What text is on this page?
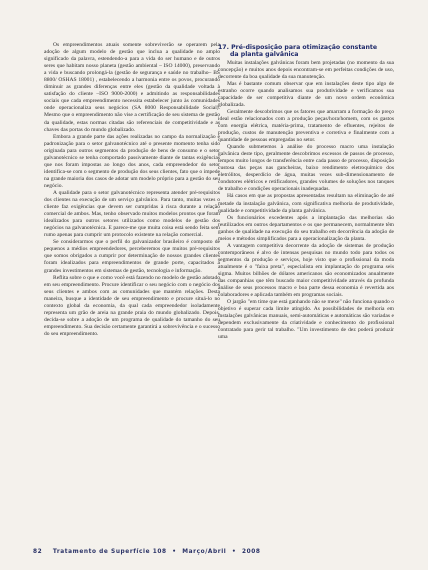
Os empreendimentos atuais somente sobreviverão se operarem pela adoção de algum modelo de gestão que inclua a qualidade no amplo significado da palavra, estendendo-a para a vida do ser humano e de outros seres que habitam nosso planeta (gestão ambiental – ISO 14000), preservando a vida e buscando prolongá-la (gestão de segurança e saúde no trabalho– BS 8800/ OSHAS 18001) , estabelecendo a harmonia entre os povos, procurando diminuir as grandes diferenças entre eles (gestão da qualidade voltada à satisfação do cliente –ISO 9000-2000) e admitindo as responsabilidades sociais que cada empreendimento necessita estabelecer junto às comunidades onde operacionaliza seus negócios (SA 8000 Responsabilidade Social). Mesmo que o empreendimento não vise a certificação de seu sistema de gestão da qualidade, estas normas citadas são referenciais de competitividade e as chaves das portas do mundo globalizado.

Embora a grande parte das ações realizadas no campo da normalização e padronização para o setor galvanotécnico até o presente momento tenha sido originada para outros segmentos da produção de bens de consumo e o setor galvanotécnico se tenha comportado passivamente diante de tantas exigências que nos foram impostas ao longo dos anos, cada empreendedor do setor identifica-se com o segmento de produção dos seus clientes, fato que o impede na grande maioria dos casos de adotar um modelo próprio para a gestão do seu negócio.

A qualidade para o setor galvanotécnico representa atender pré-requisitos dos clientes na execução de um serviço galvânico. Para tanto, muitas vezes o cliente faz exigências que devem ser cumpridas à risca durante a relação comercial de ambos. Mas, tenho observado muitos modelos prontos que foram idealizados para outros setores utilizados como modelos de gestão dos negócios na galvanotécnica. E parece-me que muita coisa está sendo feita sem rumo apenas para cumprir um protocolo existente na relação comercial.

Se considerarmos que o perfil do galvanizador brasileiro é composto de pequenos a médios empreendedores, perceberemos que muitos pré-requisitos que somos obrigados a cumprir por determinação de nossos grandes clientes foram idealizados para empreendimentos de grande porte, capacitados a grandes investimentos em sistemas de gestão, tecnologia e informação.

Reflita sobre o que e como você está fazendo no modelo de gestão adotado em seu empreendimento. Procure identificar o seu negócio com o negócio dos seus clientes e ambos com as comunidades que mantém relações. Desta maneira, busque a identidade de seu empreendimento e procure situá-lo no contexto global da economia, da qual cada empreendedor isoladamente representa um grão de areia na grande praia do mundo globalizado. Depois, decida-se sobre a adoção de um programa de qualidade do tamanho do seu empreendimento. Sua decisão certamente garantirá a sobrevivência e o sucesso do seu empreendimento.

17. Pré-disposição para otimização constante
da planta galvânica

Muitas instalações galvânicas foram bem projetadas (no momento da sua concepção) e muitos anos depois encontram-se em perfeitas condições de uso, decorrente da boa qualidade da sua manutenção.

Mas é bastante comum observar que em instalações deste tipo algo de estranho ocorre quando analisamos sua produtividade e verificamos sua capacidade de ser competitiva diante de um novo ordem econômica globalizada.

Geralmente descobrimos que os fatores que amarram a formação do preço ideal estão relacionados com a produção peças/hora/homem, com os gastos com energia elétrica, matéria-prima, tratamento de efluentes, rejeitos de produção, custos de manutenção preventiva e corretiva e finalmente com a quantidade de pessoas empregadas no setor.

Quando submetemos à análise do processo macro uma instalação galvânica deste tipo, geralmente descobrimos excessos de passos de processo, tempos muito longos de transferência entre cada passo de processo, disposição custosa das peças nas gancheiras, baixo rendimento eletroquímico dos eletrólitos, desperdício de água, muitas vezes sub-dimensionamento de condutores elétricos e retificadores, grandes volumes de soluções nos tanques de trabalho e condições operacionais inadequadas.

Há casos em que as propostas apresentadas resultam na eliminação de até metade da instalação galvânica, com significativa melhoria de produtividade, qualidade e competitividade da planta galvânica.

Os funcionários excedentes após a implantação das melhorias são reutilizados em outros departamentos e os que permanecem, normalmente têm ganhos de qualidade na execução do seu trabalho em decorrência da adoção de meios e métodos simplificados para a operacionalização da planta.

A vantagem competitiva decorrente da adoção de sistemas de produção contemporâneos é alvo de intensas pesquisas no mundo todo para todos os segmentos da produção e serviços, hoje visto que o profissional da moda atualmente é o "faixa preta", especialista em implantação do programa seis sigma. Muitos bilhões de dólares americanos são economizados anualmente das companhias que têm buscado maior competitividade através da profunda análise de seus processos macro e boa parte dessa economia é revertida aos colaboradores e aplicada também em programas sociais.

O jargão "em time que está ganhando não se mexe" não funciona quando o objetivo é superar cada limite atingido. As possibilidades de melhoria em instalações galvânicas manuais, semi-automáticas e automáticas são variadas e dependem exclusivamente da criatividade e conhecimento do profissional contratado para gerir tal trabalho. "Um investimento de dez poderá produzir uma

82 Tratamento de Superfície 108 • Março/Abril • 2008
